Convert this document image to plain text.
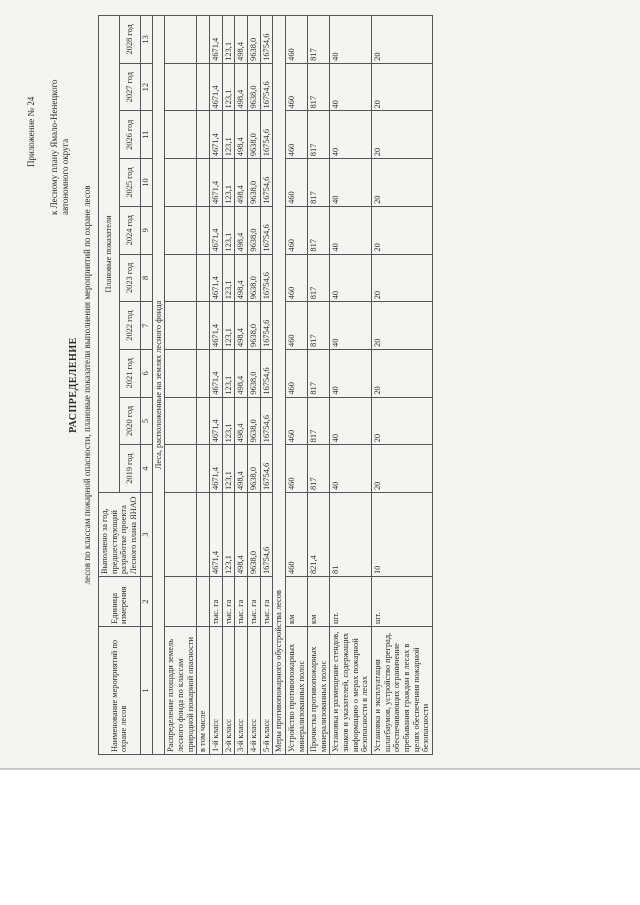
Приложение № 24 к Лесному плану Ямало-Ненецкого
автономного округа
РАСПРЕДЕЛЕНИЕ лесов по классам пожарной опасности, плановые показатели выполнения мероприятий по охране лесов
Наименование мероприятий по охране лесов	Единица измерения	Выполнено за год, предшествующий разработке проекта Лесного плана ЯНАО	Плановые показатели									
			2019 год	2020 год	2021 год	2022 год	2023 год	2024 год	2025 год	2026 год	2027 год	2028 год
1	2	3	4	5	6	7	8	9	10	11	12	13
Леса, расположенные на землях лесного фонда												
Распределение площади земель лесного фонда по классам природной пожарной опасности												
в том числе												
1-й класс	тыс. га	4671,4	4671,4	4671,4	4671,4	4671,4	4671,4	4671,4	4671,4	4671,4	4671,4	4671,4
2-й класс	тыс. га	123,1	123,1	123,1	123,1	123,1	123,1	123,1	123,1	123,1	123,1	123,1
3-й класс	тыс. га	498,4	498,4	498,4	498,4	498,4	498,4	498,4	498,4	498,4	498,4	498,4
4-й класс	тыс. га	9638,0	9638,0	9638,0	9638,0	9638,0	9638,0	9638,0	9638,0	9638,0	9638,0	9638,0
5-й класс	тыс. га	16754,6	16754,6	16754,6	16754,6	16754,6	16754,6	16754,6	16754,6	16754,6	16754,6	16754,6
Меры противопожарного обустройства лесов												
Устройство противопожарных минерализованных полос	км	460	460	460	460	460	460	460	460	460	460	460
Прочистка противопожарных минерализованных полос	км	821,4	817	817	817	817	817	817	817	817	817	817
Установка и размещение стендов, знаков и указателей, содержащих информацию о мерах пожарной безопасности в лесах	шт.	81	40	40	40	40	40	40	40	40	40	40
Установка и эксплуатация шлагбаумов, устройство преград, обеспечивающих ограничение пребывания граждан в лесах в целях обеспечения пожарной безопасности	шт.	10	20	20	20	20	20	20	20	20	20	20
